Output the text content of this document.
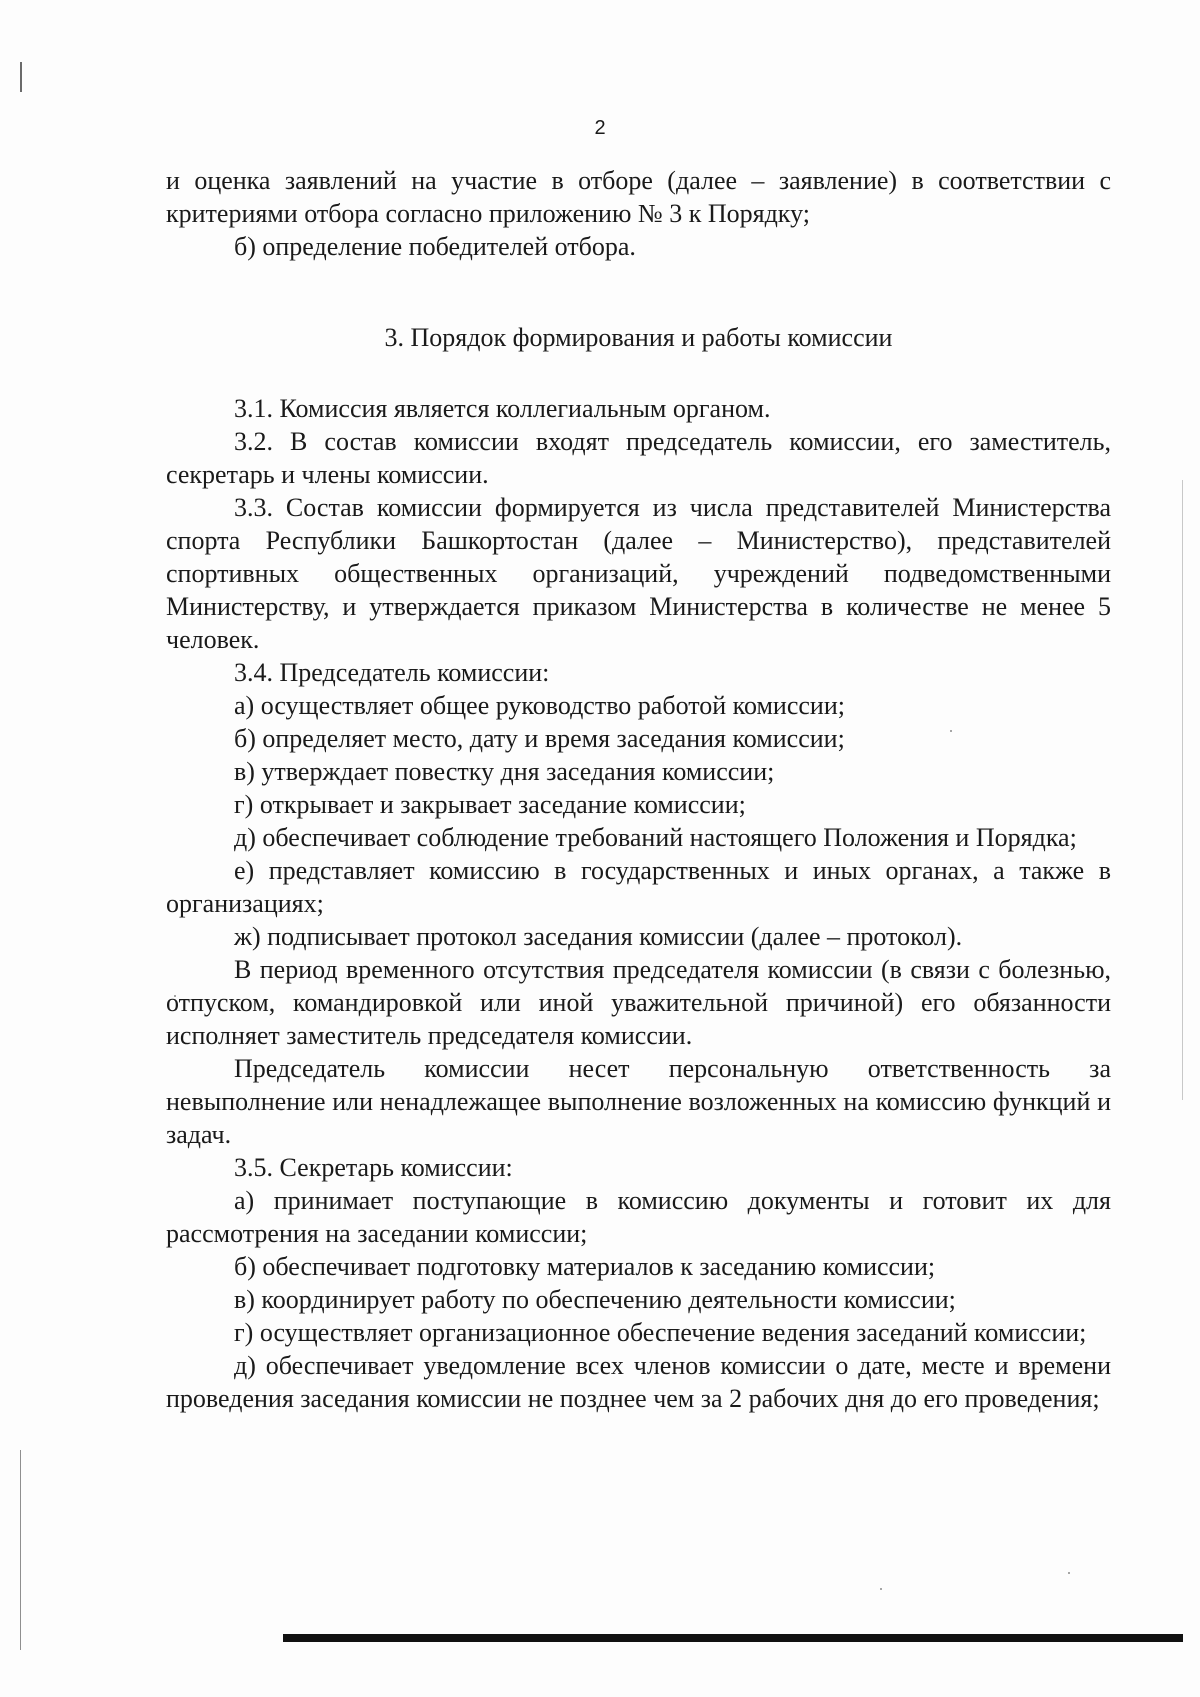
2

и оценка заявлений на участие в отборе (далее – заявление) в соответствии с критериями отбора согласно приложению № 3 к Порядку;

б) определение победителей отбора.

3. Порядок формирования и работы комиссии

3.1. Комиссия является коллегиальным органом.

3.2. В состав комиссии входят председатель комиссии, его заместитель, секретарь и члены комиссии.

3.3. Состав комиссии формируется из числа представителей Министерства спорта Республики Башкортостан (далее – Министерство), представителей спортивных общественных организаций, учреждений подведомственными Министерству, и утверждается приказом Министерства в количестве не менее 5 человек.

3.4. Председатель комиссии:

а) осуществляет общее руководство работой комиссии;

б) определяет место, дату и время заседания комиссии;

в) утверждает повестку дня заседания комиссии;

г) открывает и закрывает заседание комиссии;

д) обеспечивает соблюдение требований настоящего Положения и Порядка;

е) представляет комиссию в государственных и иных органах, а также в организациях;

ж) подписывает протокол заседания комиссии (далее – протокол).

В период временного отсутствия председателя комиссии (в связи с болезнью, отпуском, командировкой или иной уважительной причиной) его обязанности исполняет заместитель председателя комиссии.

Председатель комиссии несет персональную ответственность за невыполнение или ненадлежащее выполнение возложенных на комиссию функций и задач.

3.5. Секретарь комиссии:

а) принимает поступающие в комиссию документы и готовит их для рассмотрения на заседании комиссии;

б) обеспечивает подготовку материалов к заседанию комиссии;

в) координирует работу по обеспечению деятельности комиссии;

г) осуществляет организационное обеспечение ведения заседаний комиссии;

д) обеспечивает уведомление всех членов комиссии о дате, месте и времени проведения заседания комиссии не позднее чем за 2 рабочих дня до его проведения;
